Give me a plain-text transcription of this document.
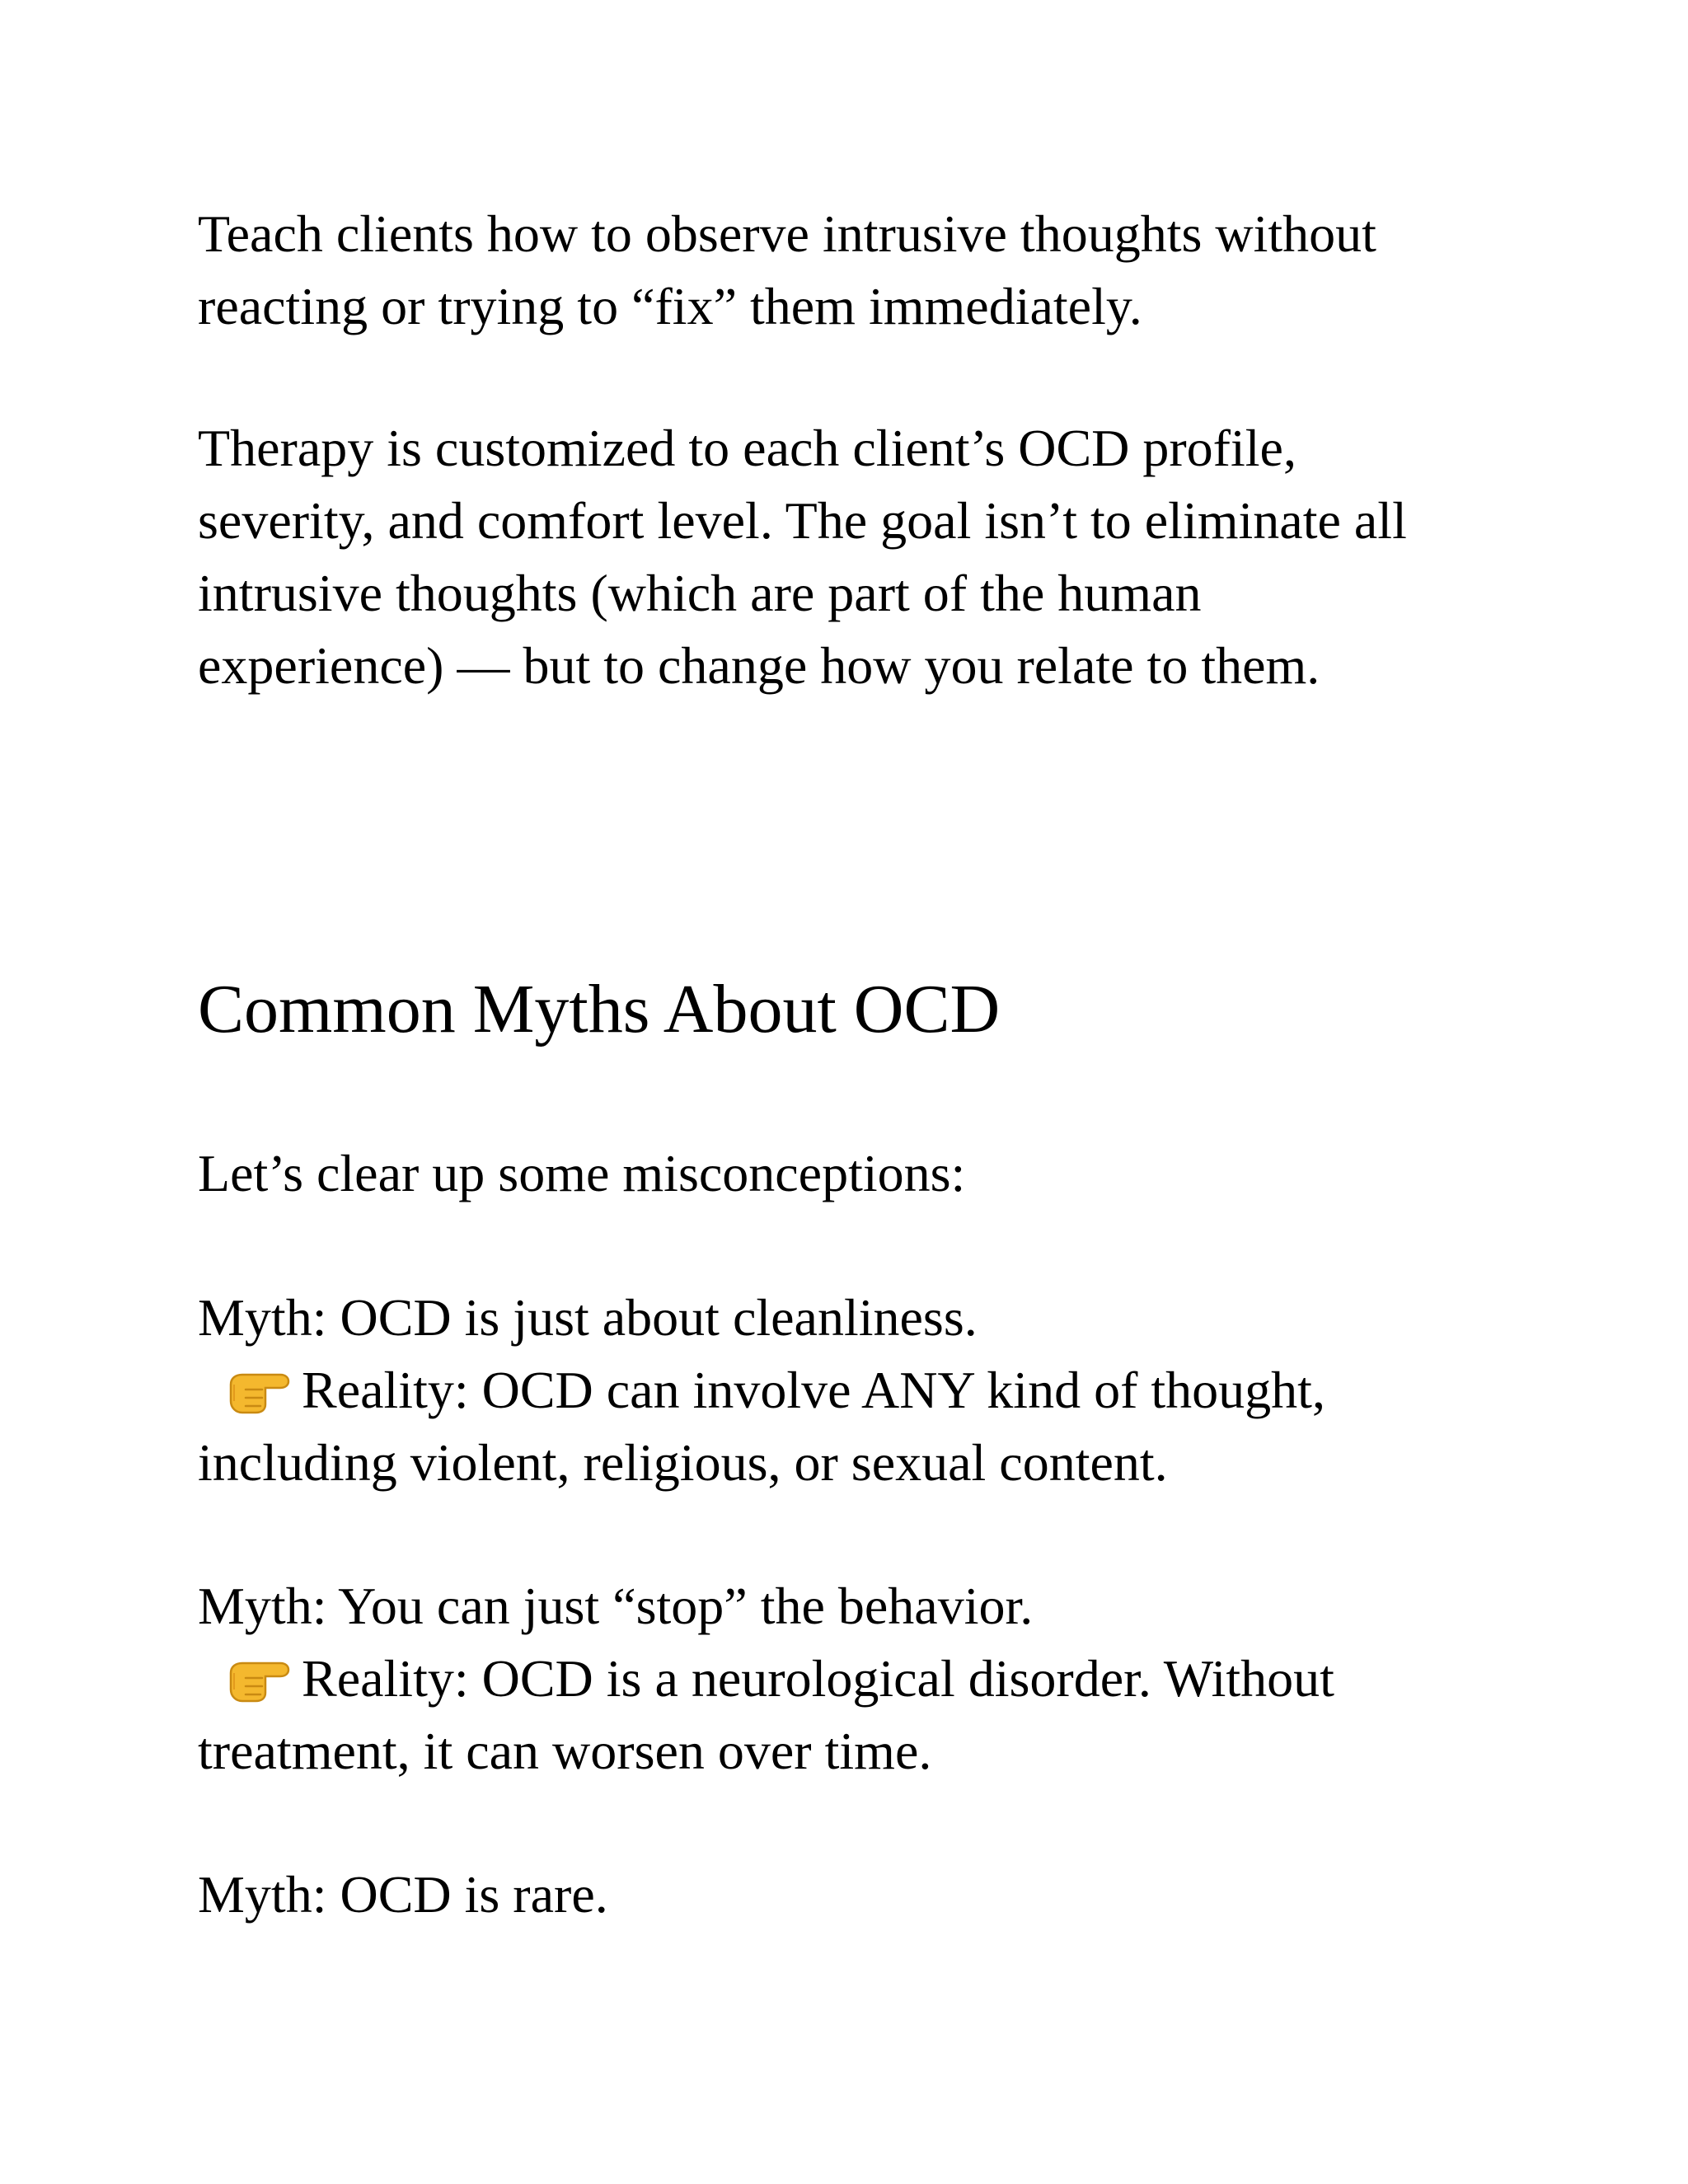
Teach clients how to observe intrusive thoughts without
reacting or trying to “fix” them immediately.

Therapy is customized to each client’s OCD profile,
severity, and comfort level. The goal isn’t to eliminate all
intrusive thoughts (which are part of the human
experience) — but to change how you relate to them.

Common Myths About OCD

Let’s clear up some misconceptions:

Myth: OCD is just about cleanliness.
Reality: OCD can involve ANY kind of thought,
including violent, religious, or sexual content.

Myth: You can just “stop” the behavior.
Reality: OCD is a neurological disorder. Without
treatment, it can worsen over time.

Myth: OCD is rare.
